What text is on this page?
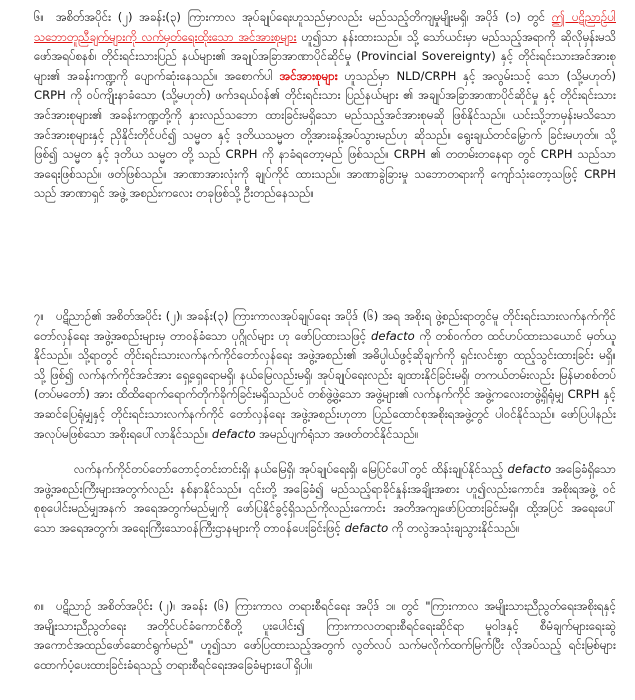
၆။ အစိတ်အပိုင်း (၂) အခန်း(၃) ကြားကာလ အုပ်ချုပ်ရေးဟူသည်မှာလည်း မည်သည့်တိကျမှုမျိုးမရှိ၊ အပိုဒ် (၁) တွင် ဤ ပဋိညာဉ်ပါ သဘောတူညီချက်များကို လက်မှတ်ရေးထိုးသော အင်အားစုများ ဟူ၍သာ နန်းထားသည်။ သို့ သော်ယင်းမှာ မည်သည့်အရာကို ဆိုလိုမှန်းမသိ ဖော်အရပ်စနစ်၊ တိုင်းရင်းသားပြည် နယ်များ၏ အချုပ်အခြာအာဏာပိုင်ဆိုင်မှု (Provincial Sovereignty) နှင့် တိုင်းရင်းသားအင်အားစုများ၏ အခန်းကဏ္ဍကို ပျောက်ဆုံးနေသည်။ အစောက်ပါ အင်အားစုများ ဟူသည်မှာ NLD/CRPH နှင့် အလွမ်းသင့် သော (သို့မဟုတ်) CRPH ကို ဝပ်ကျိုးနာခံသော (သို့မဟုတ်) ဖက်ဒရယ်ဝန်၏ တိုင်းရင်းသား ပြည်နယ်များ ၏ အချုပ်အခြာအာဏာပိုင်ဆိုင်မှု နှင့် တိုင်းရင်းသားအင်အားစုများ၏ အခန်းကဏ္ဍတို့ကို နှားလည်သဘော ထားခြင်းမရှိသော မည်သည့်အင်အားစုမဆို ဖြစ်နိုင်သည်။ ယင်းသို့ဘာမှန်းမသိသော အင်အားစုများနှင့် ညှိနိုင်းတိုင်ပင်၍ သမ္မတ နှင့် ဒုတိယသမ္မတ တို့အားခန့်အပ်သွားမည်ဟု ဆိုသည်။ ရွေးချယ်တင်မြှောက် ခြင်းမဟုတ်။ သို့ဖြစ်၍ သမ္မတ နှင့် ဒုတိယ သမ္မတ တို့ သည် CRPH ကို နာခံရတော့မည် ဖြစ်သည်။ CRPH ၏ တတမ်းတနေရာ တွင် CRPH သည်သာ အရေးဖြစ်သည်။ ဖတ်ဖြစ်သည်။ အာဏာအားလုံးကို ချုပ်ကိုင် ထားသည်။ အာဏာခွဲခြားမှု သဘောတရားကို ကျော်သုံးတော့သဖြင့် CRPH သည် အာဏာရှင် အဖွဲ့ အစည်းကလေး တခုဖြစ်သို့ ဦးတည်နေသည်။

၇။ ပဋိညာဉ်၏ အစိတ်အပိုင်း (၂)၊ အခန်း(၃) ကြားကာလအုပ်ချုပ်ရေး အပိုဒ် (၆) အရ အစိုးရ ဖွဲ့စည်းရာတွင်မူ တိုင်းရင်းသားလက်နက်ကိုင်တော်လှန်ရေး အဖွဲ့အစည်းများမှ တာဝန်ခံသော ပုဂ္ဂိုလ်များ ဟု ဖော်ပြထားသဖြင့် defacto ကို တစ်ဝက်တ ထင်ဟပ်ထားသယောင် မှတ်ယူနိုင်သည်။ သို့ရာတွင် တိုင်းရင်းသားလက်နက်ကိုင်တော်လှန်ရေး အဖွဲ့အစည်း၏ အဓိပ္ပါယ်ဖွင့်ဆိုချက်ကို ရှင်းလင်းစွာ ထည့်သွင်းထားခြင်း မရှိ။ သို့ ဖြစ်၍ လက်နက်ကိုင်အင်အား ရှေ့ရှေရောမရှိ၊ နယ်မြေလည်းမရှိ၊ အုပ်ချုပ်ရေးလည်း ချထားနိုင်ခြင်းမရှိ၊ တကယ်တမ်းလည်း မြန်မာစစ်တပ် (တပ်မတော်) အား ထိထိရောက်ရောက်တိုက်ခိုက်ခြင်းမရှိသည်ပင် တစ်ဖွဲ့ဖွဲ့သော အဖွဲ့များ၏ လက်နက်ကိုင် အဖွဲ့ကလေးတဖွဲ့ရှိရုံမျှ CRPH နှင့် အဆင်ပြေရုံမျှနှင့် တိုင်းရင်းသားလက်နက်ကိုင် တော်လှန်ရေး အဖွဲ့အစည်းဟုတာ ပြည်ထောင်စုအစိုးရအဖွဲ့တွင် ပါဝင်နိုင်သည်။ ဖော်ပြပါနည်း အလုပ်မဖြစ်သော အစိုးရပေါ်လာနိုင်သည်။ defacto အမည်ပျက်ရုံသာ အဖတ်တင်နိုင်သည်။

လက်နက်ကိုင်တပ်တော်တောင့်တင်းတင်းရှိ၊ နယ်မြေရှိ၊ အုပ်ချုပ်ရေးရှိ၊ မြေပြင်ပေါ်တွင် ထိန်းချုပ်နိုင်သည့် defacto အခြေခံရှိသော အဖွဲ့အစည်းကြီးများအတွက်လည်း နစ်နာနိုင်သည်။ ၎င်းတို့ အခြေခံ၍ မည်သည့်ရာခိုင်နှုန်းအချိုးအစား ဟူ၍လည်းကောင်း၊ အစိုးရအဖွဲ့ ဝင် စုစုပေါင်းမည်မျှအနက် အရေအတွက်မည်မျှကို ဖော်ပြနိုင်ခွင့်ရှိသည်ကိုလည်းကောင်း အတိအကျဖော်ပြထားခြင်းမရှိ။ ထို့အပြင် အရေးပေါ်သော အရေအတွက်၊ အရေးကြီးသောဝန်ကြီးဌာနများကို တာဝန်ပေးခြင်းဖြင့် defacto ကို တလွဲအသုံးချသွားနိုင်သည်။

၈။ ပဋိညာဉ် အစိတ်အပိုင်း (၂)၊ အခန်း (၆) ကြားကာလ တရားစီရင်ရေး အပိုဒ် ၁။ တွင် "ကြားကာလ အမျိုးသားညီညွတ်ရေးအစိုးရနှင့် အမျိုးသားညီညွတ်ရေး အတိုင်ပင်ခံကောင်စီတို့ ပူးပေါင်း၍ ကြားကာလတရားစီရင်ရေးဆိုင်ရာ မူဝါဒနှင့် စီမံချက်များရေးဆွဲအကောင်အထည်ဖော်ဆောင်ရွက်မည်" ဟူ၍သာ ဖော်ပြထားသည့်အတွက် လွတ်လပ် သက်မလိုက်ထက်မြက်ပြီး လိုအပ်သည့် ရင်းမြစ်များ ထောက်ပံ့ပေးထားခြင်းခံရသည့် တရားစီရင်ရေးအခြေခံများပေါ်ရှိပါ။
